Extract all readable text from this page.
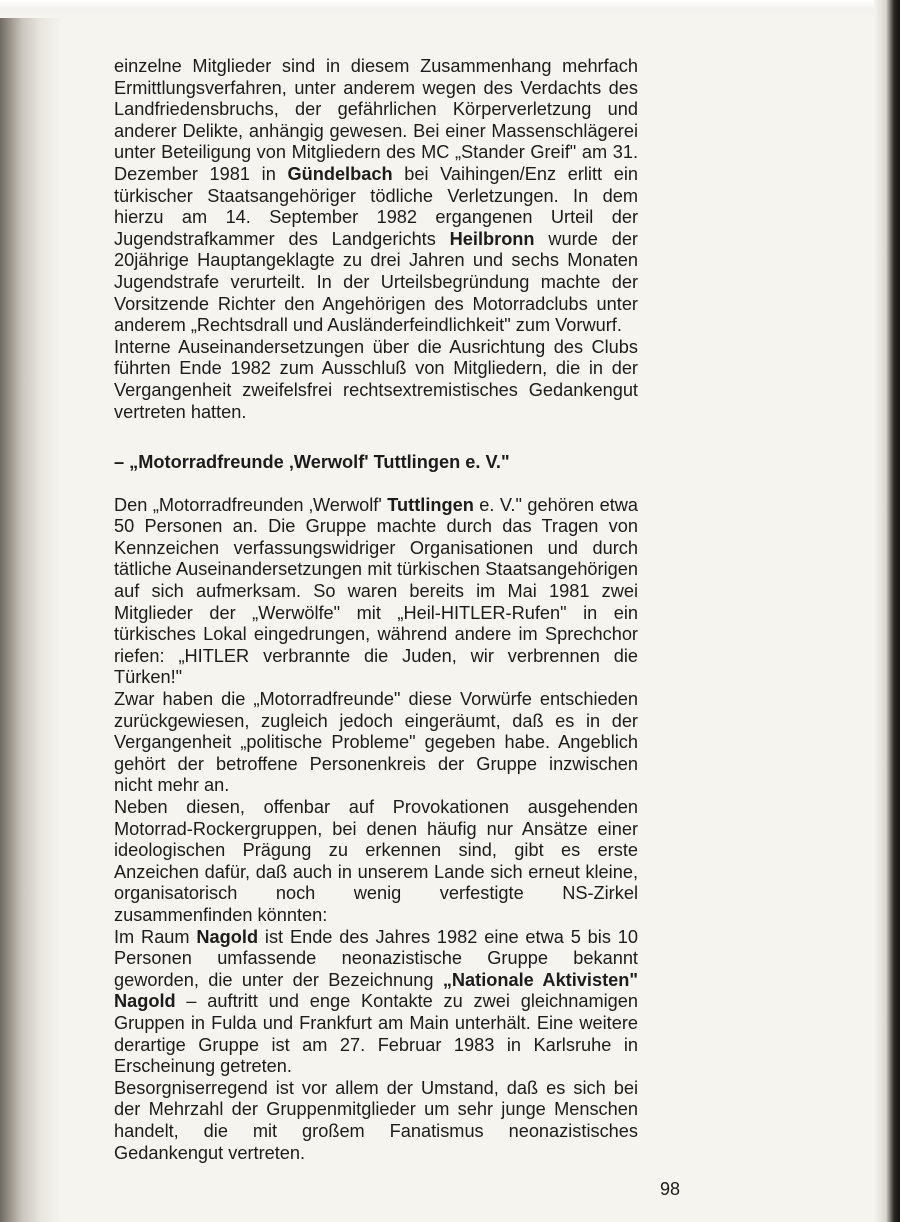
einzelne Mitglieder sind in diesem Zusammenhang mehrfach Ermittlungsverfahren, unter anderem wegen des Verdachts des Landfriedensbruchs, der gefährlichen Körperverletzung und anderer Delikte, anhängig gewesen. Bei einer Massenschlägerei unter Beteiligung von Mitgliedern des MC „Stander Greif" am 31. Dezember 1981 in Gündelbach bei Vaihingen/Enz erlitt ein türkischer Staatsangehöriger tödliche Verletzungen. In dem hierzu am 14. September 1982 ergangenen Urteil der Jugendstrafkammer des Landgerichts Heilbronn wurde der 20jährige Hauptangeklagte zu drei Jahren und sechs Monaten Jugendstrafe verurteilt. In der Urteilsbegründung machte der Vorsitzende Richter den Angehörigen des Motorradclubs unter anderem „Rechtsdrall und Ausländerfeindlichkeit" zum Vorwurf.

Interne Auseinandersetzungen über die Ausrichtung des Clubs führten Ende 1982 zum Ausschluß von Mitgliedern, die in der Vergangenheit zweifelsfrei rechtsextremistisches Gedankengut vertreten hatten.

– „Motorradfreunde ‚Werwolf' Tuttlingen e. V."

Den „Motorradfreunden ‚Werwolf' Tuttlingen e. V." gehören etwa 50 Personen an. Die Gruppe machte durch das Tragen von Kennzeichen verfassungswidriger Organisationen und durch tätliche Auseinandersetzungen mit türkischen Staatsangehörigen auf sich aufmerksam. So waren bereits im Mai 1981 zwei Mitglieder der „Werwölfe" mit „Heil-HITLER-Rufen" in ein türkisches Lokal eingedrungen, während andere im Sprechchor riefen: „HITLER verbrannte die Juden, wir verbrennen die Türken!"

Zwar haben die „Motorradfreunde" diese Vorwürfe entschieden zurückgewiesen, zugleich jedoch eingeräumt, daß es in der Vergangenheit „politische Probleme" gegeben habe. Angeblich gehört der betroffene Personenkreis der Gruppe inzwischen nicht mehr an.

Neben diesen, offenbar auf Provokationen ausgehenden Motorrad-Rockergruppen, bei denen häufig nur Ansätze einer ideologischen Prägung zu erkennen sind, gibt es erste Anzeichen dafür, daß auch in unserem Lande sich erneut kleine, organisatorisch noch wenig verfestigte NS-Zirkel zusammenfinden könnten:

Im Raum Nagold ist Ende des Jahres 1982 eine etwa 5 bis 10 Personen umfassende neonazistische Gruppe bekannt geworden, die unter der Bezeichnung „Nationale Aktivisten" Nagold – auftritt und enge Kontakte zu zwei gleichnamigen Gruppen in Fulda und Frankfurt am Main unterhält. Eine weitere derartige Gruppe ist am 27. Februar 1983 in Karlsruhe in Erscheinung getreten.

Besorgniserregend ist vor allem der Umstand, daß es sich bei der Mehrzahl der Gruppenmitglieder um sehr junge Menschen handelt, die mit großem Fanatismus neonazistisches Gedankengut vertreten.

98
